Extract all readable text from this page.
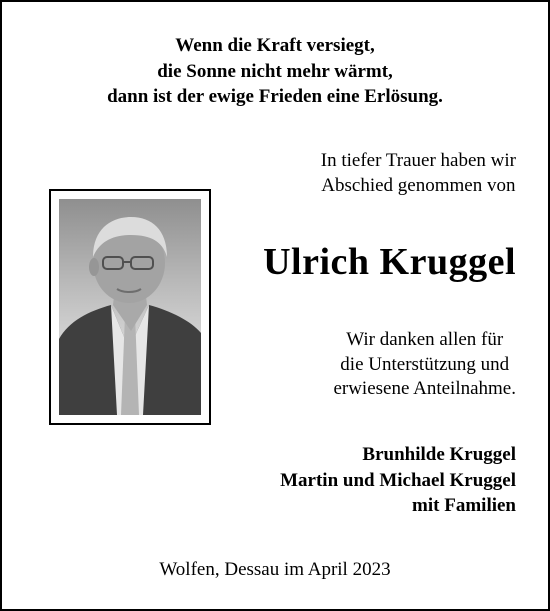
Wenn die Kraft versiegt,
die Sonne nicht mehr wärmt,
dann ist der ewige Frieden eine Erlösung.
In tiefer Trauer haben wir
Abschied genommen von
Ulrich Kruggel
Wir danken allen für
die Unterstützung und
erwiesene Anteilnahme.
Brunhilde Kruggel
Martin und Michael Kruggel
mit Familien
Wolfen, Dessau im April 2023
